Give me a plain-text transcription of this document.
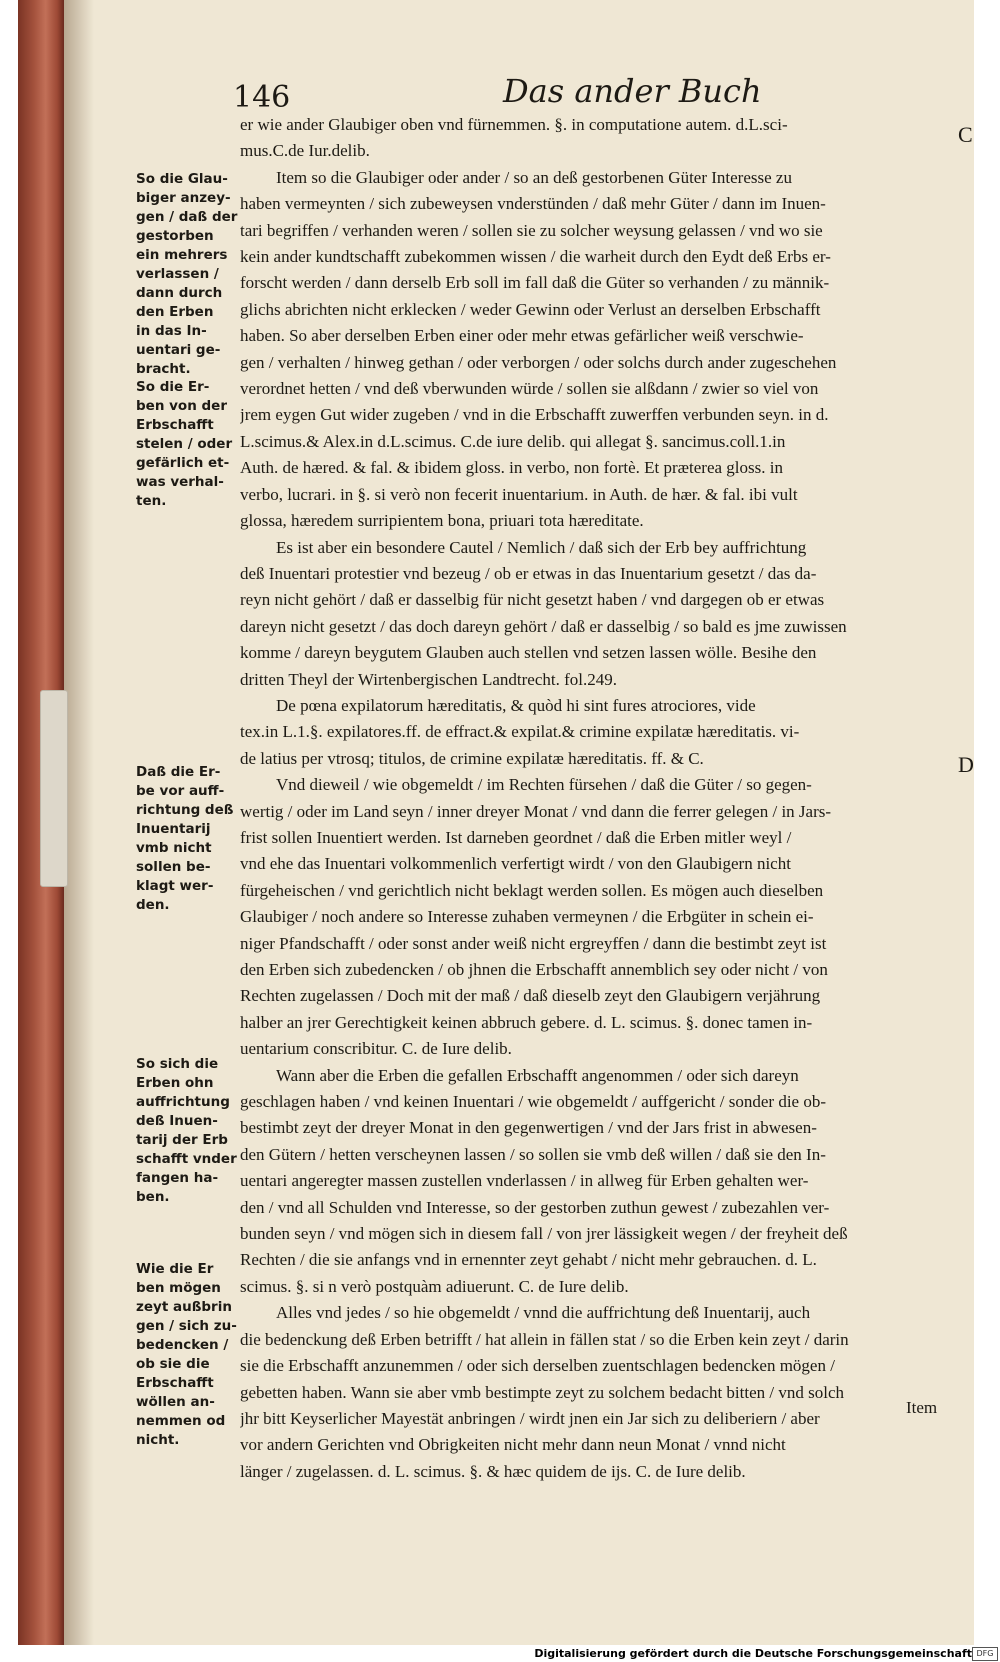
146	Das ander Buch
C
D
So die Glau-
biger anzey-
gen / daß der
gestorben
ein mehrers
verlassen /
dann durch
den Erben
in das In-
uentari ge-
bracht.
So die Er-
ben von der
Erbschafft
stelen / oder
gefärlich et-
was verhal-
ten.
Daß die Er-
be vor auff-
richtung deß
Inuentarij
vmb nicht
sollen be-
klagt wer-
den.
So sich die
Erben ohn
auffrichtung
deß Inuen-
tarij der Erb
schafft vnder
fangen ha-
ben.
Wie die Er
ben mögen
zeyt außbrin
gen / sich zu-
bedencken /
ob sie die
Erbschafft
wöllen an-
nemmen od
nicht.
er wie ander Glaubiger oben vnd fürnemmen. §. in computatione autem. d.L.sci-
mus.C.de Iur.delib.
Item so die Glaubiger oder ander / so an deß gestorbenen Güter Interesse zu
haben vermeynten / sich zubeweysen vnderstünden / daß mehr Güter / dann im Inuen-
tari begriffen / verhanden weren / sollen sie zu solcher weysung gelassen / vnd wo sie
kein ander kundtschafft zubekommen wissen / die warheit durch den Eydt deß Erbs er-
forscht werden / dann derselb Erb soll im fall daß die Güter so verhanden / zu männik-
glichs abrichten nicht erklecken / weder Gewinn oder Verlust an derselben Erbschafft
haben. So aber derselben Erben einer oder mehr etwas gefärlicher weiß verschwie-
gen / verhalten / hinweg gethan / oder verborgen / oder solchs durch ander zugeschehen
verordnet hetten / vnd deß vberwunden würde / sollen sie alßdann / zwier so viel von
jrem eygen Gut wider zugeben / vnd in die Erbschafft zuwerffen verbunden seyn. in d.
L.scimus.& Alex.in d.L.scimus. C.de iure delib. qui allegat §. sancimus.coll.1.in
Auth. de hæred. & fal. & ibidem gloss. in verbo, non fortè. Et præterea gloss. in
verbo, lucrari. in §. si verò non fecerit inuentarium. in Auth. de hær. & fal. ibi vult
glossa, hæredem surripientem bona, priuari tota hæreditate.
Es ist aber ein besondere Cautel / Nemlich / daß sich der Erb bey auffrichtung
deß Inuentari protestier vnd bezeug / ob er etwas in das Inuentarium gesetzt / das da-
reyn nicht gehört / daß er dasselbig für nicht gesetzt haben / vnd dargegen ob er etwas
dareyn nicht gesetzt / das doch dareyn gehört / daß er dasselbig / so bald es jme zuwissen
komme / dareyn beygutem Glauben auch stellen vnd setzen lassen wölle. Besihe den
dritten Theyl der Wirtenbergischen Landtrecht. fol.249.
De pœna expilatorum hæreditatis, & quòd hi sint fures atrociores, vide
tex.in L.1.§. expilatores.ff. de effract.& expilat.& crimine expilatæ hæreditatis. vi-
de latius per vtrosq; titulos, de crimine expilatæ hæreditatis. ff. & C.
Vnd dieweil / wie obgemeldt / im Rechten fürsehen / daß die Güter / so gegen-
wertig / oder im Land seyn / inner dreyer Monat / vnd dann die ferrer gelegen / in Jars-
frist sollen Inuentiert werden. Ist darneben geordnet / daß die Erben mitler weyl /
vnd ehe das Inuentari volkommenlich verfertigt wirdt / von den Glaubigern nicht
fürgeheischen / vnd gerichtlich nicht beklagt werden sollen. Es mögen auch dieselben
Glaubiger / noch andere so Interesse zuhaben vermeynen / die Erbgüter in schein ei-
niger Pfandschafft / oder sonst ander weiß nicht ergreyffen / dann die bestimbt zeyt ist
den Erben sich zubedencken / ob jhnen die Erbschafft annemblich sey oder nicht / von
Rechten zugelassen / Doch mit der maß / daß dieselb zeyt den Glaubigern verjährung
halber an jrer Gerechtigkeit keinen abbruch gebere. d. L. scimus. §. donec tamen in-
uentarium conscribitur. C. de Iure delib.
Wann aber die Erben die gefallen Erbschafft angenommen / oder sich dareyn
geschlagen haben / vnd keinen Inuentari / wie obgemeldt / auffgericht / sonder die ob-
bestimbt zeyt der dreyer Monat in den gegenwertigen / vnd der Jars frist in abwesen-
den Gütern / hetten verscheynen lassen / so sollen sie vmb deß willen / daß sie den In-
uentari angeregter massen zustellen vnderlassen / in allweg für Erben gehalten wer-
den / vnd all Schulden vnd Interesse, so der gestorben zuthun gewest / zubezahlen ver-
bunden seyn / vnd mögen sich in diesem fall / von jrer lässigkeit wegen / der freyheit deß
Rechten / die sie anfangs vnd in ernennter zeyt gehabt / nicht mehr gebrauchen. d. L.
scimus. §. si n verò postquàm adiuerunt. C. de Iure delib.
Alles vnd jedes / so hie obgemeldt / vnnd die auffrichtung deß Inuentarij, auch
die bedenckung deß Erben betrifft / hat allein in fällen stat / so die Erben kein zeyt / darin
sie die Erbschafft anzunemmen / oder sich derselben zuentschlagen bedencken mögen /
gebetten haben. Wann sie aber vmb bestimpte zeyt zu solchem bedacht bitten / vnd solch
jhr bitt Keyserlicher Mayestät anbringen / wirdt jnen ein Jar sich zu deliberiern / aber
vor andern Gerichten vnd Obrigkeiten nicht mehr dann neun Monat / vnnd nicht
länger / zugelassen. d. L. scimus. §. & hæc quidem de ijs. C. de Iure delib.
Item
Digitalisierung gefördert durch die Deutsche Forschungsgemeinschaft DFG
